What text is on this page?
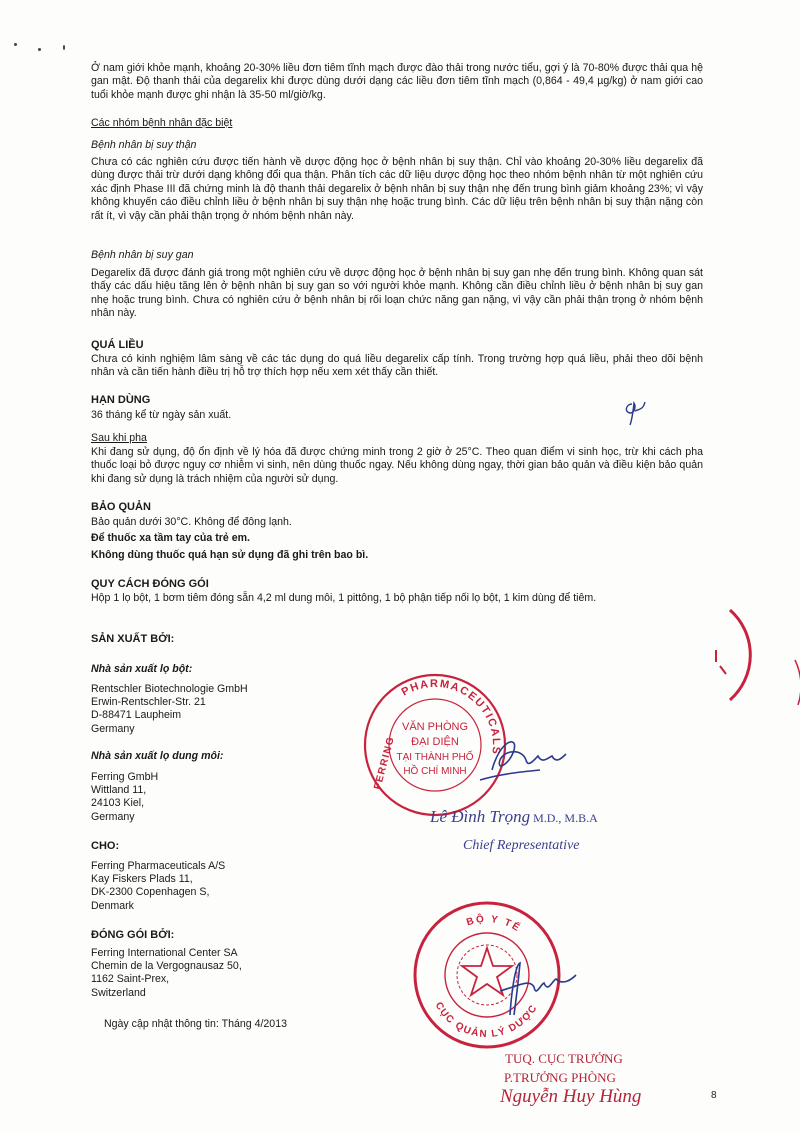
Ở nam giới khỏe mạnh, khoảng 20-30% liều đơn tiêm tĩnh mạch được đào thải trong nước tiểu, gợi ý là 70-80% được thải qua hệ gan mật. Độ thanh thải của degarelix khi được dùng dưới dạng các liều đơn tiêm tĩnh mạch (0,864 - 49,4 µg/kg) ở nam giới cao tuổi khỏe mạnh được ghi nhận là 35-50 ml/giờ/kg.

Các nhóm bệnh nhân đặc biệt

Bệnh nhân bị suy thận

Chưa có các nghiên cứu được tiến hành về dược động học ở bệnh nhân bị suy thận. Chỉ vào khoảng 20-30% liều degarelix đã dùng được thải trừ dưới dạng không đổi qua thận. Phân tích các dữ liệu dược động học theo nhóm bệnh nhân từ một nghiên cứu xác định Phase III đã chứng minh là độ thanh thải degarelix ở bệnh nhân bị suy thận nhẹ đến trung bình giảm khoảng 23%; vì vậy không khuyến cáo điều chỉnh liều ở bệnh nhân bị suy thận nhẹ hoặc trung bình. Các dữ liệu trên bệnh nhân bị suy thận nặng còn rất ít, vì vậy cần phải thận trọng ở nhóm bệnh nhân này.

Bệnh nhân bị suy gan

Degarelix đã được đánh giá trong một nghiên cứu về dược động học ở bệnh nhân bị suy gan nhẹ đến trung bình. Không quan sát thấy các dấu hiệu tăng lên ở bệnh nhân bị suy gan so với người khỏe mạnh. Không cần điều chỉnh liều ở bệnh nhân bị suy gan nhẹ hoặc trung bình. Chưa có nghiên cứu ở bệnh nhân bị rối loạn chức năng gan nặng, vì vậy cần phải thận trọng ở nhóm bệnh nhân này.

QUÁ LIỀU

Chưa có kinh nghiệm lâm sàng về các tác dụng do quá liều degarelix cấp tính. Trong trường hợp quá liều, phải theo dõi bệnh nhân và cần tiến hành điều trị hỗ trợ thích hợp nếu xem xét thấy cần thiết.

HẠN DÙNG

36 tháng kể từ ngày sản xuất.

Sau khi pha

Khi đang sử dụng, độ ổn định về lý hóa đã được chứng minh trong 2 giờ ở 25°C. Theo quan điểm vi sinh học, trừ khi cách pha thuốc loại bỏ được nguy cơ nhiễm vi sinh, nên dùng thuốc ngay. Nếu không dùng ngay, thời gian bảo quản và điều kiện bảo quản khi đang sử dụng là trách nhiệm của người sử dụng.

BẢO QUẢN

Bảo quản dưới 30°C. Không để đông lạnh.

Để thuốc xa tầm tay của trẻ em.

Không dùng thuốc quá hạn sử dụng đã ghi trên bao bì.

QUY CÁCH ĐÓNG GÓI

Hộp 1 lọ bột, 1 bơm tiêm đóng sẵn 4,2 ml dung môi, 1 pittông, 1 bộ phận tiếp nối lọ bột, 1 kim dùng để tiêm.

SẢN XUẤT BỞI:

Nhà sản xuất lọ bột:

Rentschler Biotechnologie GmbH
Erwin-Rentschler-Str. 21
D-88471 Laupheim
Germany

Nhà sản xuất lọ dung môi:

Ferring GmbH
Wittland 11,
24103 Kiel,
Germany

CHO:

Ferring Pharmaceuticals A/S
Kay Fiskers Plads 11,
DK-2300 Copenhagen S,
Denmark

ĐÓNG GÓI BỞI:

Ferring International Center SA
Chemin de la Vergognausaz 50,
1162 Saint-Prex,
Switzerland

Ngày cập nhật thông tin: Tháng 4/2013

PHARMACEUTICALS
FERRING
VĂN PHÒNG
ĐẠI DIỆN
TẠI THÀNH PHỐ
HỒ CHÍ MINH
Lê Đình Trọng M.D., M.B.A

Chief Representative

BỘ Y TẾ
CỤC QUẢN LÝ DƯỢC

TUQ. CỤC TRƯỞNG

P.TRƯỞNG PHÒNG

Nguyễn Huy Hùng	8
